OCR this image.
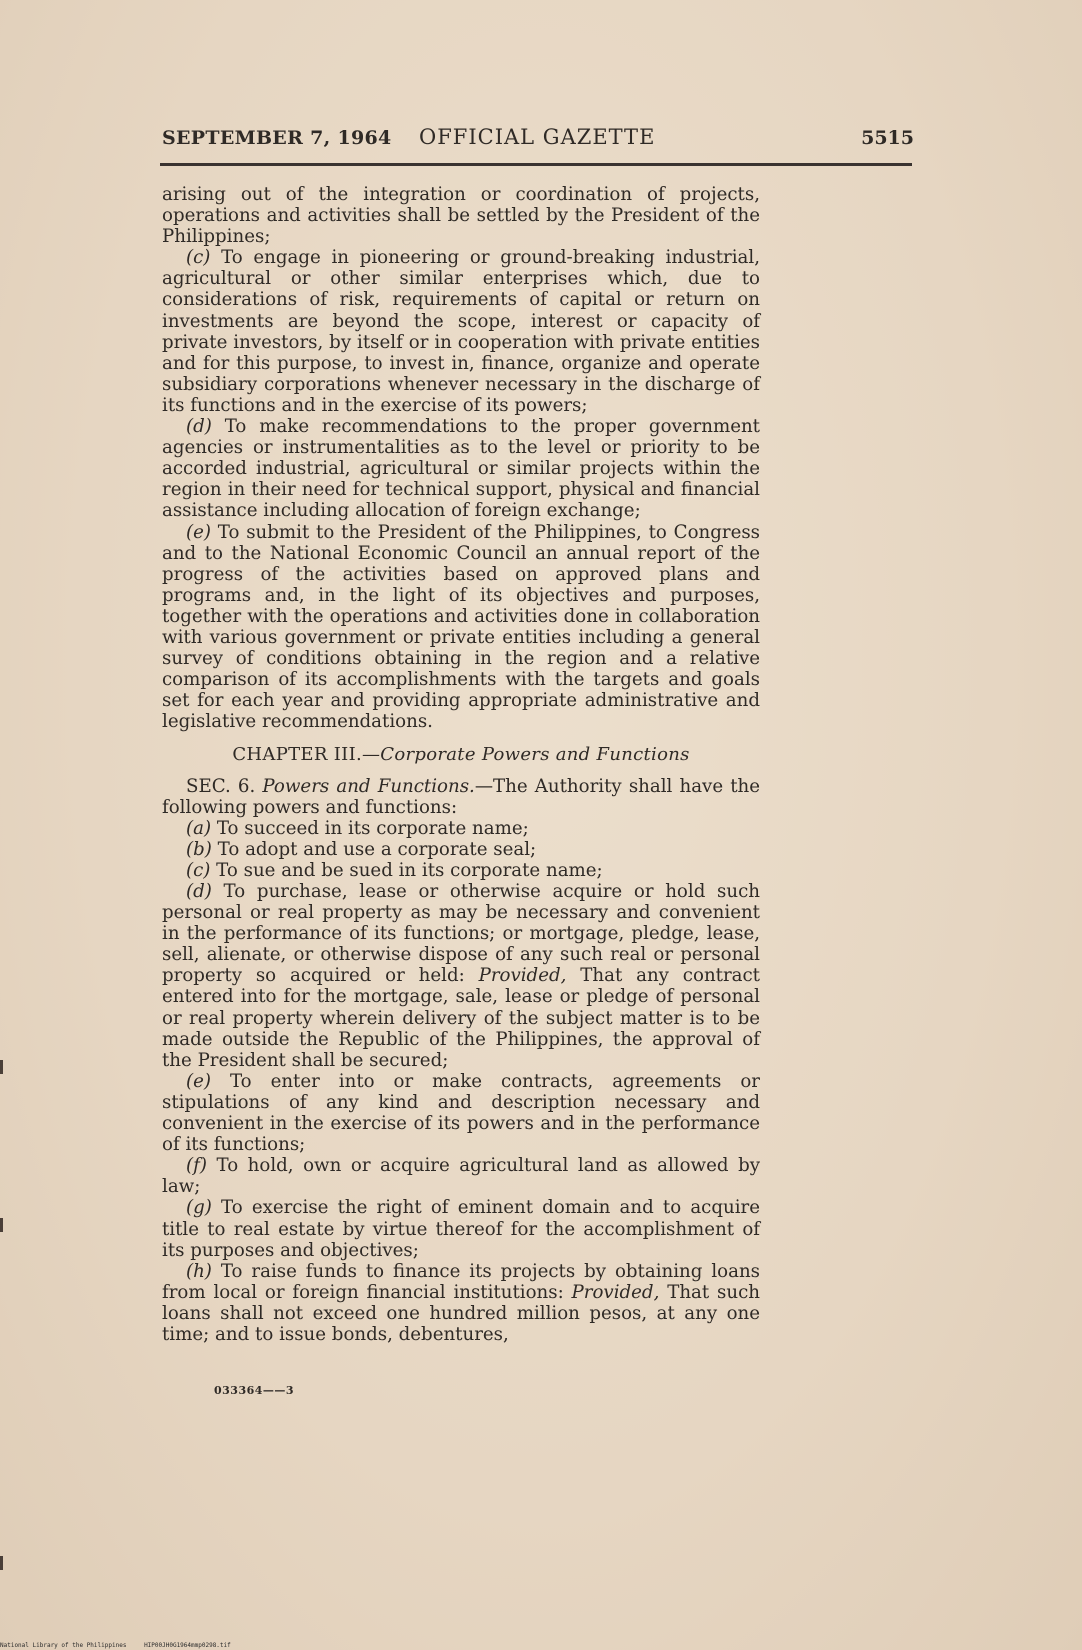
SEPTEMBER 7, 1964 OFFICIAL GAZETTE	5515

arising out of the integration or coordination of projects, operations and activities shall be settled by the President of the Philippines;

(c) To engage in pioneering or ground-breaking industrial, agricultural or other similar enterprises which, due to considerations of risk, requirements of capital or return on investments are beyond the scope, interest or capacity of private investors, by itself or in cooperation with private entities and for this purpose, to invest in, finance, organize and operate subsidiary corporations whenever necessary in the discharge of its functions and in the exercise of its powers;

(d) To make recommendations to the proper government agencies or instrumentalities as to the level or priority to be accorded industrial, agricultural or similar projects within the region in their need for technical support, physical and financial assistance including allocation of foreign exchange;

(e) To submit to the President of the Philippines, to Congress and to the National Economic Council an annual report of the progress of the activities based on approved plans and programs and, in the light of its objectives and purposes, together with the operations and activities done in collaboration with various government or private entities including a general survey of conditions obtaining in the region and a relative comparison of its accomplishments with the targets and goals set for each year and providing appropriate administrative and legislative recommendations.

CHAPTER III.—Corporate Powers and Functions

SEC. 6. Powers and Functions.—The Authority shall have the following powers and functions:

(a) To succeed in its corporate name;

(b) To adopt and use a corporate seal;

(c) To sue and be sued in its corporate name;

(d) To purchase, lease or otherwise acquire or hold such personal or real property as may be necessary and convenient in the performance of its functions; or mortgage, pledge, lease, sell, alienate, or otherwise dispose of any such real or personal property so acquired or held: Provided, That any contract entered into for the mortgage, sale, lease or pledge of personal or real property wherein delivery of the subject matter is to be made outside the Republic of the Philippines, the approval of the President shall be secured;

(e) To enter into or make contracts, agreements or stipulations of any kind and description necessary and convenient in the exercise of its powers and in the performance of its functions;

(f) To hold, own or acquire agricultural land as allowed by law;

(g) To exercise the right of eminent domain and to acquire title to real estate by virtue thereof for the accomplishment of its purposes and objectives;

(h) To raise funds to finance its projects by obtaining loans from local or foreign financial institutions: Provided, That such loans shall not exceed one hundred million pesos, at any one time; and to issue bonds, debentures,

033364——3
National Library of the Philippines	HIP00JH0G1964mmp0298.tif
